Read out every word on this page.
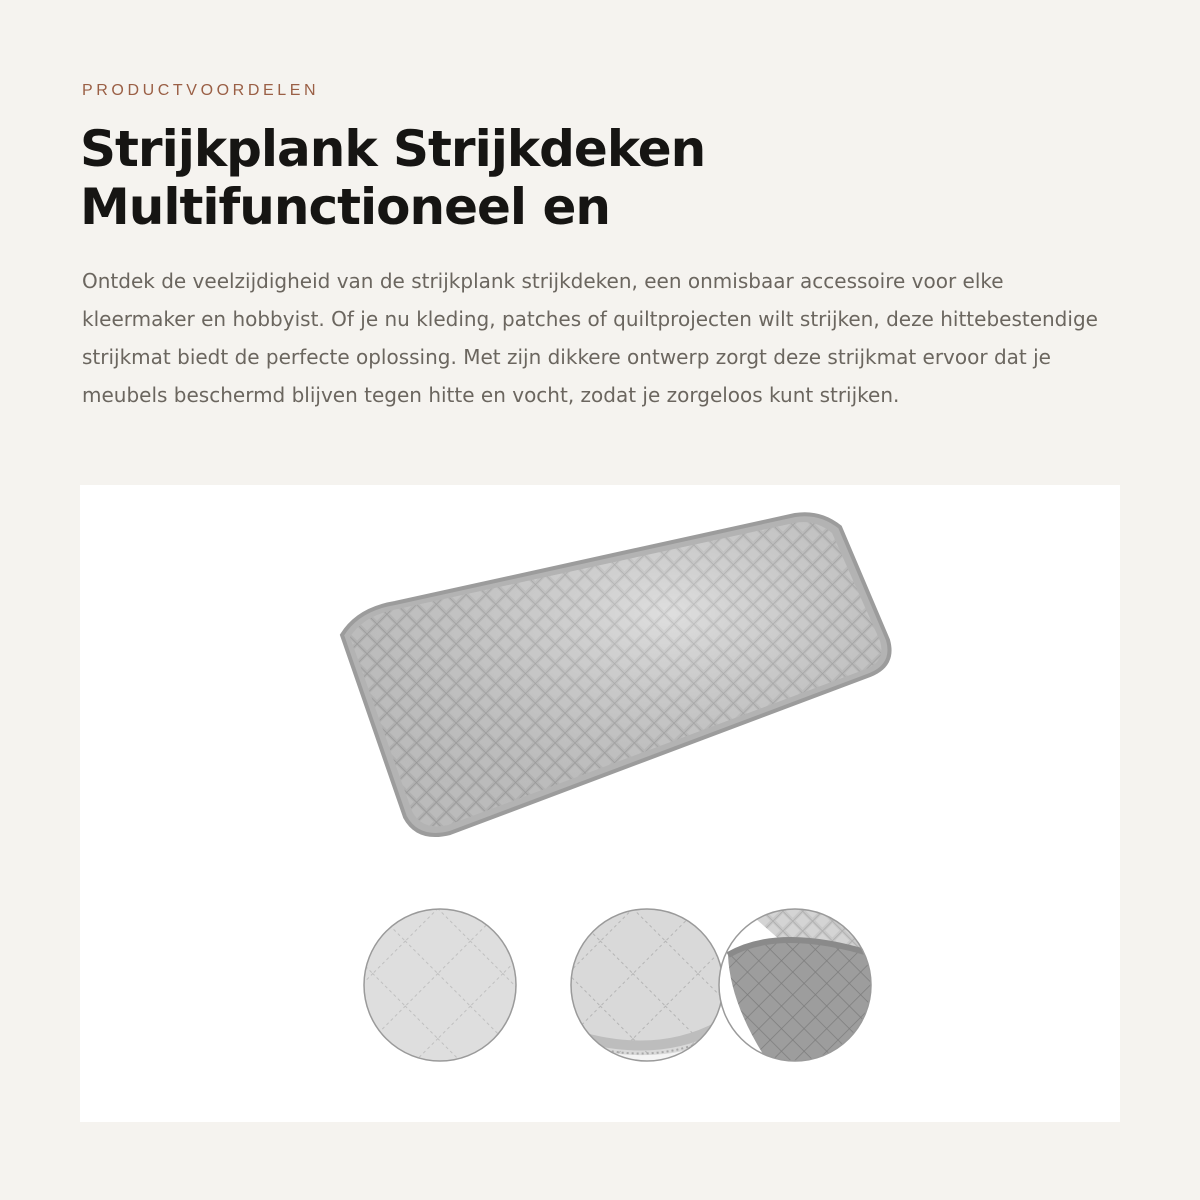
PRODUCTVOORDELEN
Strijkplank Strijkdeken
Multifunctioneel en

Ontdek de veelzijdigheid van de strijkplank strijkdeken, een onmisbaar accessoire voor elke kleermaker en hobbyist. Of je nu kleding, patches of quiltprojecten wilt strijken, deze hittebestendige strijkmat biedt de perfecte oplossing. Met zijn dikkere ontwerp zorgt deze strijkmat ervoor dat je meubels beschermd blijven tegen hitte en vocht, zodat je zorgeloos kunt strijken.
